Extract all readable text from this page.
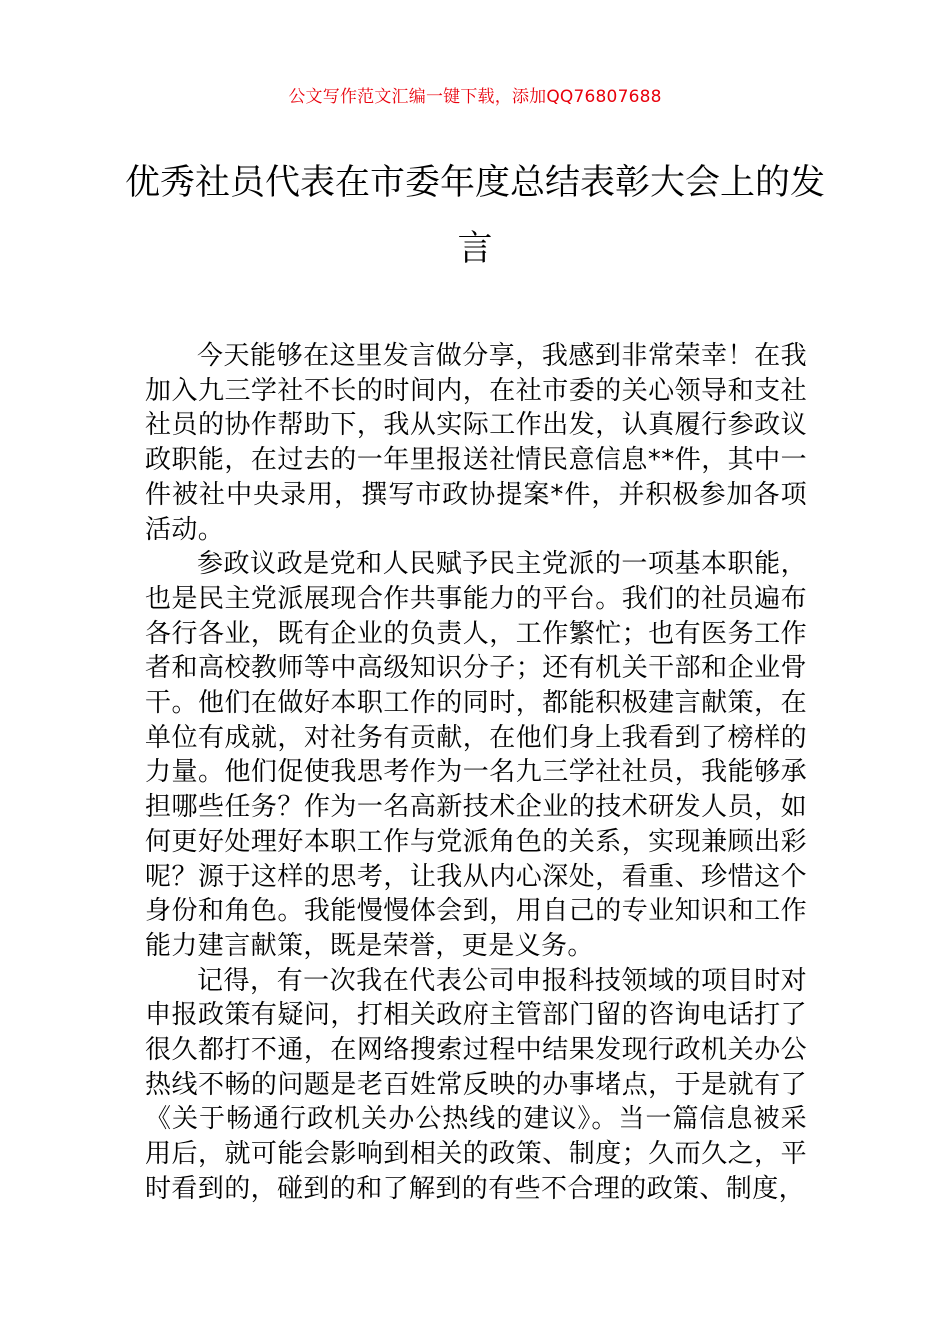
公文写作范文汇编一键下载，添加QQ76807688
优秀社员代表在市委年度总结表彰大会上的发言

今天能够在这里发言做分享，我感到非常荣幸！在我加入九三学社不长的时间内，在社市委的关心领导和支社社员的协作帮助下，我从实际工作出发，认真履行参政议政职能，在过去的一年里报送社情民意信息**件，其中一件被社中央录用，撰写市政协提案*件，并积极参加各项活动。

参政议政是党和人民赋予民主党派的一项基本职能，也是民主党派展现合作共事能力的平台。我们的社员遍布各行各业，既有企业的负责人，工作繁忙；也有医务工作者和高校教师等中高级知识分子；还有机关干部和企业骨干。他们在做好本职工作的同时，都能积极建言献策，在单位有成就，对社务有贡献，在他们身上我看到了榜样的力量。他们促使我思考作为一名九三学社社员，我能够承担哪些任务？作为一名高新技术企业的技术研发人员，如何更好处理好本职工作与党派角色的关系，实现兼顾出彩呢？源于这样的思考，让我从内心深处，看重、珍惜这个身份和角色。我能慢慢体会到，用自己的专业知识和工作能力建言献策，既是荣誉，更是义务。

记得，有一次我在代表公司申报科技领域的项目时对申报政策有疑问，打相关政府主管部门留的咨询电话打了很久都打不通，在网络搜索过程中结果发现行政机关办公热线不畅的问题是老百姓常反映的办事堵点，于是就有了《关于畅通行政机关办公热线的建议》。当一篇信息被采用后，就可能会影响到相关的政策、制度；久而久之，平时看到的，碰到的和了解到的有些不合理的政策、制度，
